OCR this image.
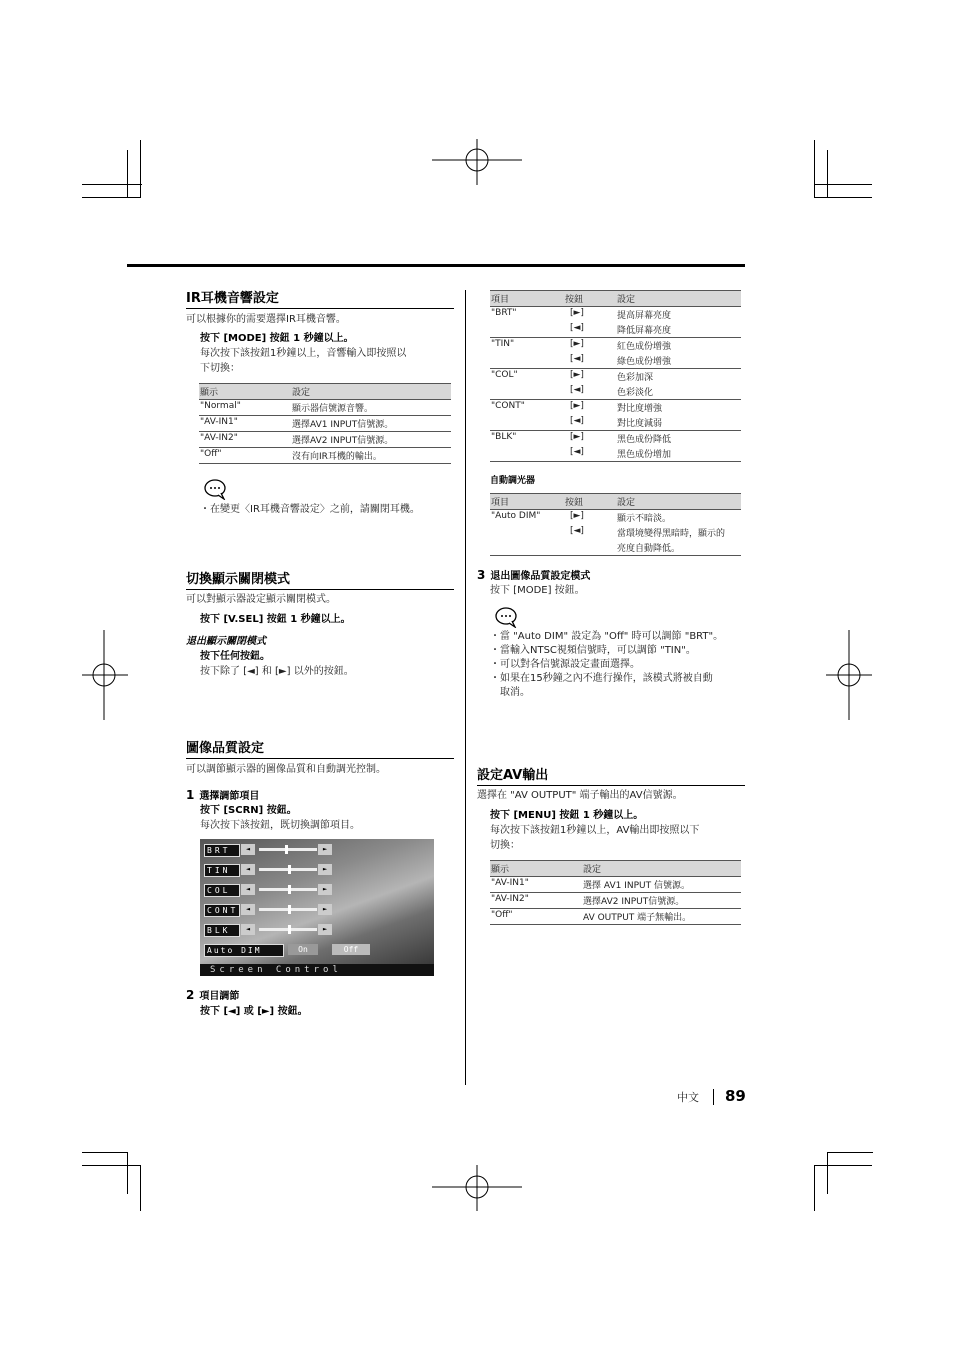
IR耳機音響設定
可以根據你的需要選擇IR耳機音響。
按下 [MODE] 按鈕 1 秒鐘以上。
每次按下該按鈕1秒鐘以上，音響輸入即按照以
下切換：
顯示	設定
"Normal"	顯示器信號源音響。
"AV-IN1"	選擇AV1 INPUT信號源。
"AV-IN2"	選擇AV2 INPUT信號源。
"Off"	沒有向IR耳機的輸出。
・在變更〈IR耳機音響設定〉之前，請關閉耳機。
切換顯示關閉模式
可以對顯示器設定顯示關閉模式。
按下 [V.SEL] 按鈕 1 秒鐘以上。
退出顯示關閉模式
按下任何按鈕。
按下除了 [◄] 和 [►] 以外的按鈕。
圖像品質設定
可以調節顯示器的圖像品質和自動調光控制。
1 選擇調節項目
按下 [SCRN] 按鈕。
每次按下該按鈕，既切換調節項目。
BRT	◄	►
TIN	◄	►
COL	◄	►
CONT	◄	►
BLK	◄	►
Auto DIM	On	Off
Screen Control
2 項目調節
按下 [◄] 或 [►] 按鈕。
項目	按鈕	設定
"BRT"	[►]	提高屏幕亮度
	[◄]	降低屏幕亮度
"TIN"	[►]	紅色成份增強
	[◄]	綠色成份增強
"COL"	[►]	色彩加深
	[◄]	色彩淡化
"CONT"	[►]	對比度增強
	[◄]	對比度減弱
"BLK"	[►]	黑色成份降低
	[◄]	黑色成份增加
自動調光器
項目	按鈕	設定
"Auto DIM"	[►]	顯示不暗淡。
	[◄]	當環境變得黑暗時，顯示的
		亮度自動降低。
3 退出圖像品質設定模式
按下 [MODE] 按鈕。
・當 "Auto DIM" 設定為 "Off" 時可以調節 "BRT"。
・當輸入NTSC視頻信號時，可以調節 "TIN"。
・可以對各信號源設定畫面選擇。
・如果在15秒鐘之內不進行操作，該模式將被自動
　取消。
設定AV輸出
選擇在 "AV OUTPUT" 端子輸出的AV信號源。
按下 [MENU] 按鈕 1 秒鐘以上。
每次按下該按鈕1秒鐘以上，AV輸出即按照以下
切換：
顯示	設定
"AV-IN1"	選擇 AV1 INPUT 信號源。
"AV-IN2"	選擇AV2 INPUT信號源。
"Off"	AV OUTPUT 端子無輸出。
中文 89
